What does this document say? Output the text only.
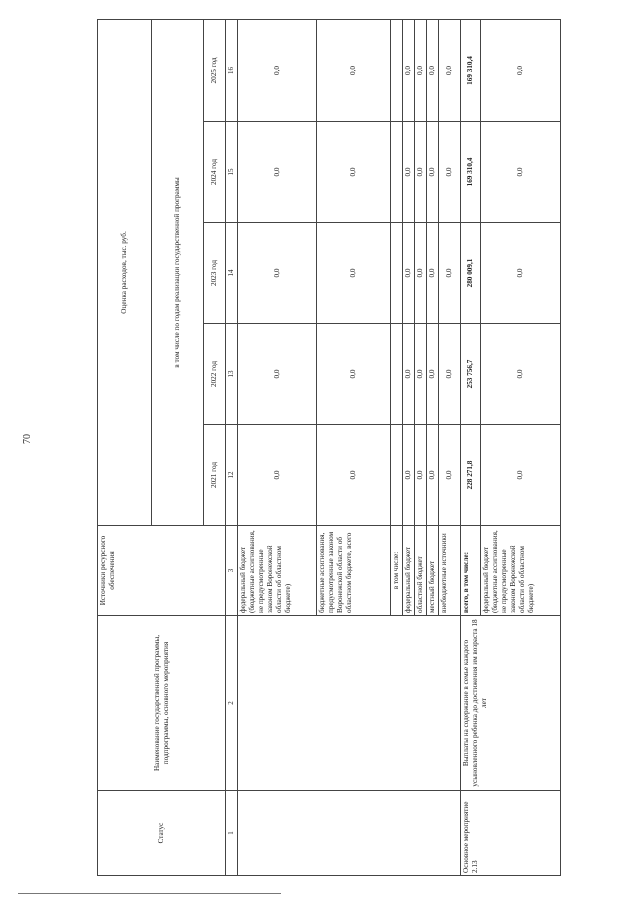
70
Статус	Наименование государственной программы, подпрограммы, основного мероприятия	Источники ресурсного обеспечения	Оценка расходов, тыс. руб.				
			в том числе по годам реализации государственной программы				
			2021 год	2022 год	2023 год	2024 год	2025 год
1	2	3	12	13	14	15	16
		федеральный бюджет (бюджетные ассигнования, не предусмотренные законом Воронежской области об областном бюджете)	0,0	0,0	0,0	0,0	0,0
		бюджетные ассигнования, предусмотренные законом Воронежской области об областном бюджете, всего	0,0	0,0	0,0	0,0	0,0
		в том числе:					
		федеральный бюджет	0,0	0,0	0,0	0,0	0,0
		областной бюджет	0,0	0,0	0,0	0,0	0,0
		местный бюджет	0,0	0,0	0,0	0,0	0,0
		внебюджетные источники	0,0	0,0	0,0	0,0	0,0
Основное мероприятие 2.13	Выплаты на содержание в семье каждого усыновленного ребенка до достижения им возраста 18 лет	всего, в том числе:	228 271,8	253 756,7	280 009,1	169 310,4	169 310,4
		федеральный бюджет (бюджетные ассигнования, не предусмотренные законом Воронежской области об областном бюджете)	0,0	0,0	0,0	0,0	0,0
